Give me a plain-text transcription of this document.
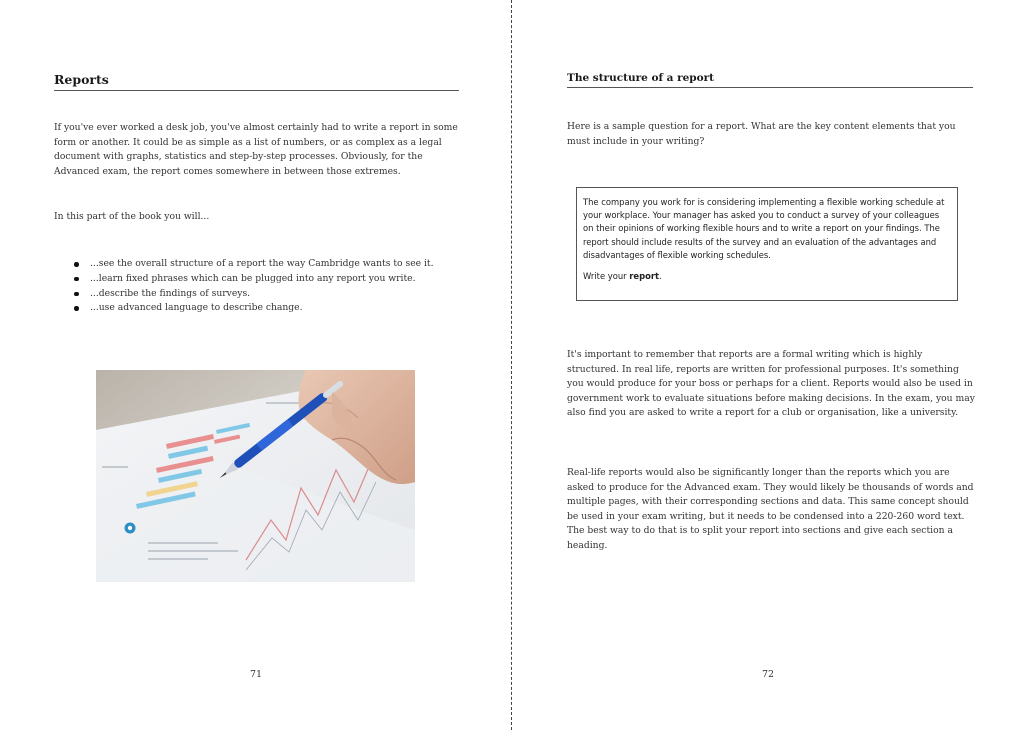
Reports

If you've ever worked a desk job, you've almost certainly had to write a report in some form or another. It could be as simple as a list of numbers, or as complex as a legal document with graphs, statistics and step-by-step processes. Obviously, for the Advanced exam, the report comes somewhere in between those extremes.

In this part of the book you will...

...see the overall structure of a report the way Cambridge wants to see it.
...learn fixed phrases which can be plugged into any report you write.
...describe the findings of surveys.
...use advanced language to describe change.
71
The structure of a report

Here is a sample question for a report. What are the key content elements that you must include in your writing?

The company you work for is considering implementing a flexible working schedule at your workplace. Your manager has asked you to conduct a survey of your colleagues on their opinions of working flexible hours and to write a report on your findings. The report should include results of the survey and an evaluation of the advantages and disadvantages of flexible working schedules.

Write your report.

It's important to remember that reports are a formal writing which is highly structured. In real life, reports are written for professional purposes. It's something you would produce for your boss or perhaps for a client. Reports would also be used in government work to evaluate situations before making decisions. In the exam, you may also find you are asked to write a report for a club or organisation, like a university.

Real-life reports would also be significantly longer than the reports which you are asked to produce for the Advanced exam. They would likely be thousands of words and multiple pages, with their corresponding sections and data. This same concept should be used in your exam writing, but it needs to be condensed into a 220-260 word text. The best way to do that is to split your report into sections and give each section a heading.

72
